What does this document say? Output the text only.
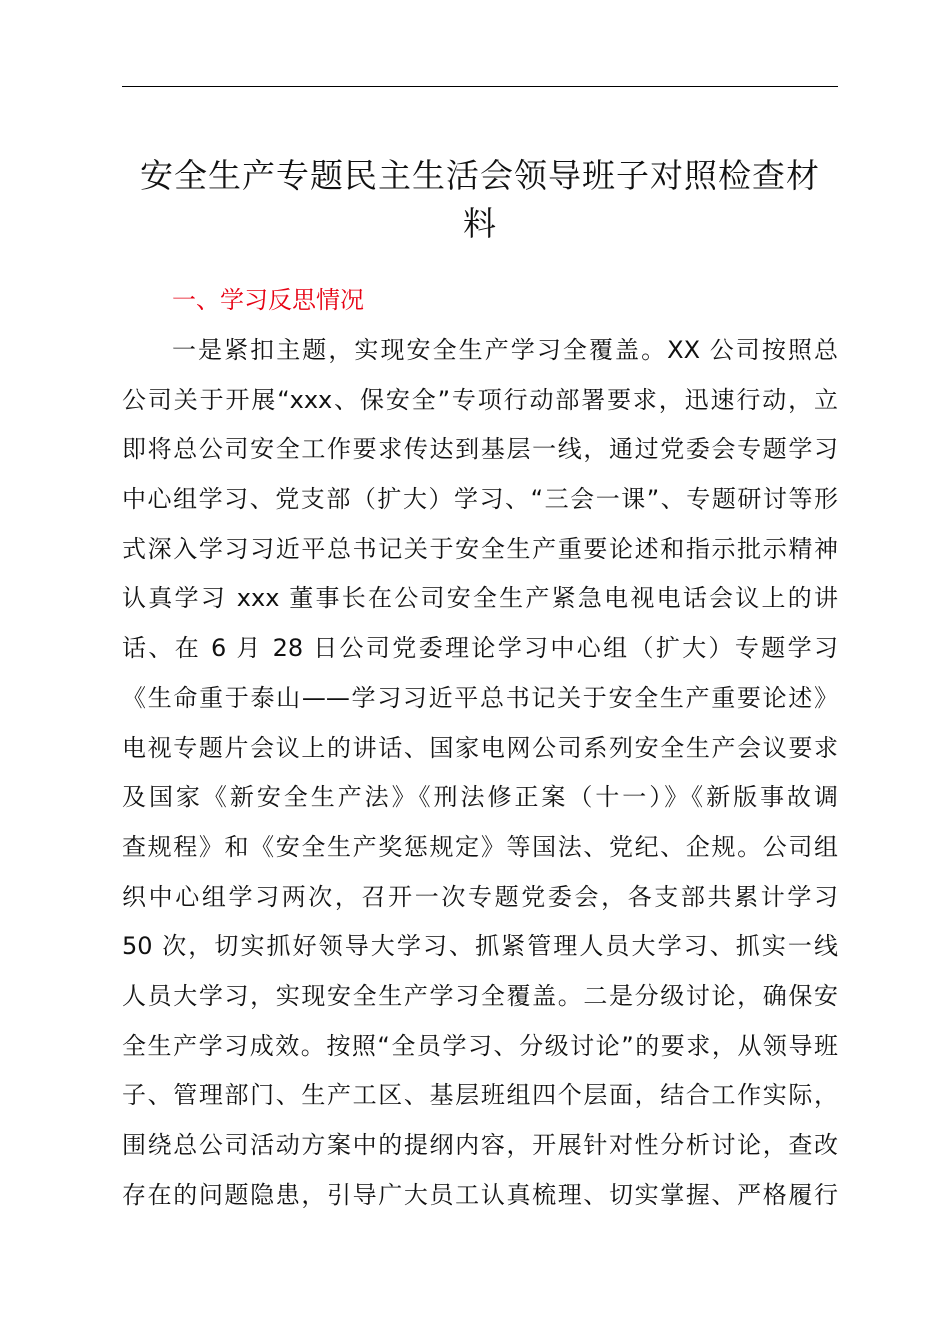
安全生产专题民主生活会领导班子对照检查材
料
一、学习反思情况
一是紧扣主题，实现安全生产学习全覆盖。XX 公司按照总
公司关于开展“xxx、保安全”专项行动部署要求，迅速行动，立
即将总公司安全工作要求传达到基层一线，通过党委会专题学习
中心组学习、党支部（扩大）学习、“三会一课”、专题研讨等形
式深入学习习近平总书记关于安全生产重要论述和指示批示精神
认真学习 xxx 董事长在公司安全生产紧急电视电话会议上的讲
话、在 6 月 28 日公司党委理论学习中心组（扩大）专题学习
《生命重于泰山——学习习近平总书记关于安全生产重要论述》
电视专题片会议上的讲话、国家电网公司系列安全生产会议要求
及国家《新安全生产法》《刑法修正案（十一）》《新版事故调
查规程》和《安全生产奖惩规定》等国法、党纪、企规。公司组
织中心组学习两次，召开一次专题党委会，各支部共累计学习
50 次，切实抓好领导大学习、抓紧管理人员大学习、抓实一线
人员大学习，实现安全生产学习全覆盖。二是分级讨论，确保安
全生产学习成效。按照“全员学习、分级讨论”的要求，从领导班
子、管理部门、生产工区、基层班组四个层面，结合工作实际，
围绕总公司活动方案中的提纲内容，开展针对性分析讨论，查改
存在的问题隐患，引导广大员工认真梳理、切实掌握、严格履行
